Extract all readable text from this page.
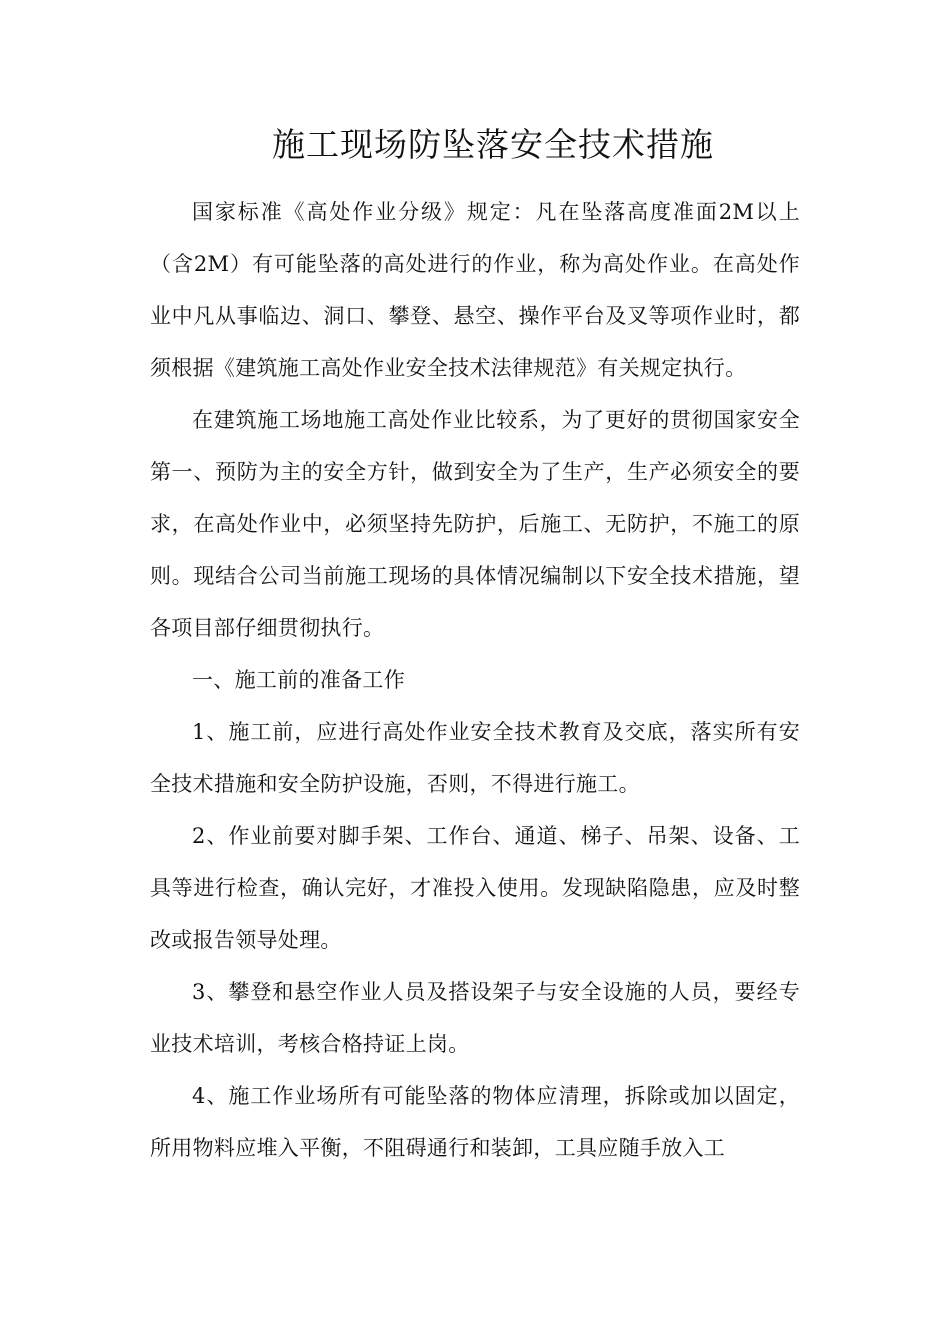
施工现场防坠落安全技术措施

国家标准《高处作业分级》规定：凡在坠落高度准面2M以上（含2M）有可能坠落的高处进行的作业，称为高处作业。在高处作业中凡从事临边、洞口、攀登、悬空、操作平台及叉等项作业时，都须根据《建筑施工高处作业安全技术法律规范》有关规定执行。

在建筑施工场地施工高处作业比较系，为了更好的贯彻国家安全第一、预防为主的安全方针，做到安全为了生产，生产必须安全的要求，在高处作业中，必须坚持先防护，后施工、无防护，不施工的原则。现结合公司当前施工现场的具体情况编制以下安全技术措施，望各项目部仔细贯彻执行。

一、施工前的准备工作

1、施工前，应进行高处作业安全技术教育及交底，落实所有安全技术措施和安全防护设施，否则，不得进行施工。

2、作业前要对脚手架、工作台、通道、梯子、吊架、设备、工具等进行检查，确认完好，才准投入使用。发现缺陷隐患，应及时整改或报告领导处理。

3、攀登和悬空作业人员及搭设架子与安全设施的人员，要经专业技术培训，考核合格持证上岗。

4、施工作业场所有可能坠落的物体应清理，拆除或加以固定，所用物料应堆入平衡，不阻碍通行和装卸，工具应随手放入工
